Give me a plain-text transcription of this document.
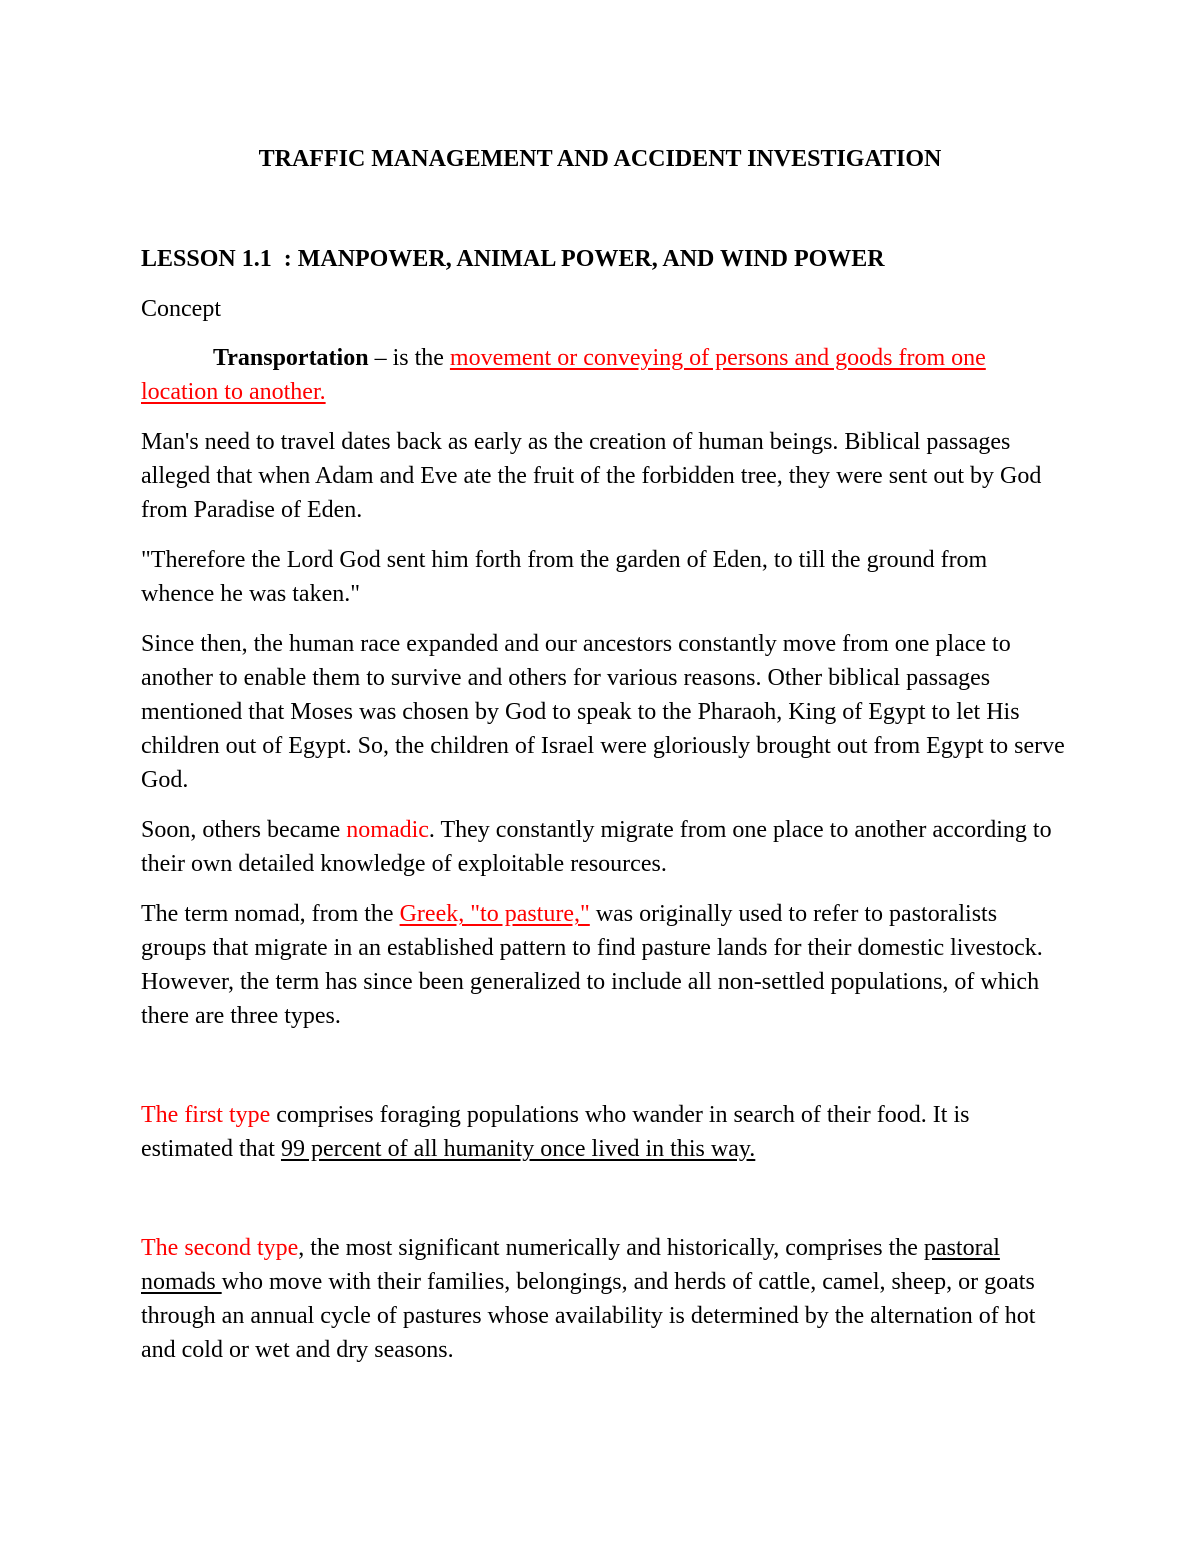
TRAFFIC MANAGEMENT AND ACCIDENT INVESTIGATION
LESSON 1.1  : MANPOWER, ANIMAL POWER, AND WIND POWER

Concept

Transportation – is the movement or conveying of persons and goods from one location to another.

Man's need to travel dates back as early as the creation of human beings. Biblical passages alleged that when Adam and Eve ate the fruit of the forbidden tree, they were sent out by God from Paradise of Eden.

"Therefore the Lord God sent him forth from the garden of Eden, to till the ground from whence he was taken."

Since then, the human race expanded and our ancestors constantly move from one place to another to enable them to survive and others for various reasons. Other biblical passages mentioned that Moses was chosen by God to speak to the Pharaoh, King of Egypt to let His children out of Egypt. So, the children of Israel were gloriously brought out from Egypt to serve God.

Soon, others became nomadic. They constantly migrate from one place to another according to their own detailed knowledge of exploitable resources.

The term nomad, from the Greek, "to pasture," was originally used to refer to pastoralists groups that migrate in an established pattern to find pasture lands for their domestic livestock. However, the term has since been generalized to include all non-settled populations, of which there are three types.

The first type comprises foraging populations who wander in search of their food. It is estimated that 99 percent of all humanity once lived in this way.

The second type, the most significant numerically and historically, comprises the pastoral nomads who move with their families, belongings, and herds of cattle, camel, sheep, or goats through an annual cycle of pastures whose availability is determined by the alternation of hot and cold or wet and dry seasons.
